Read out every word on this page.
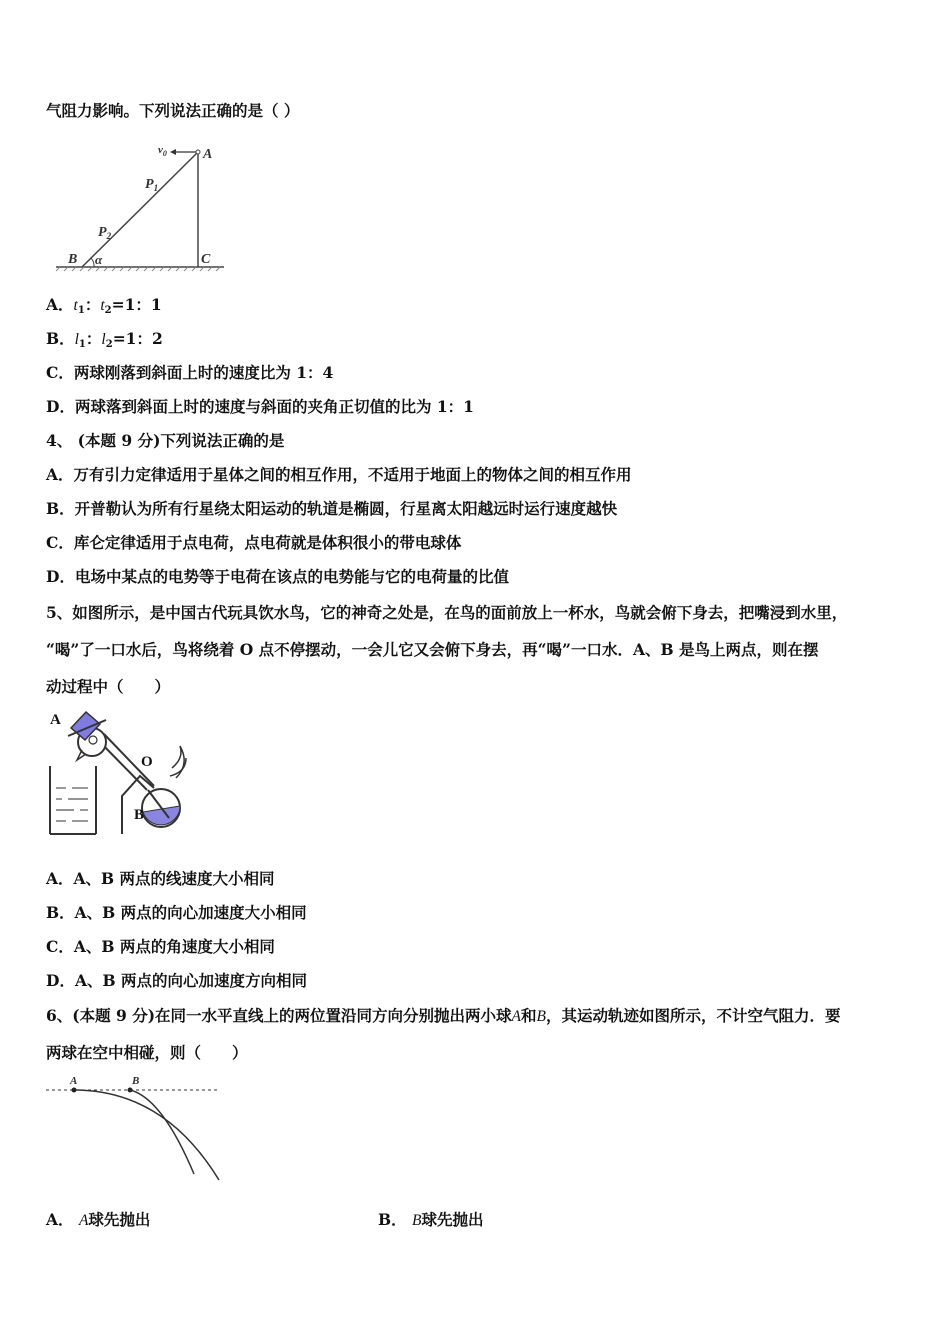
气阻力影响。下列说法正确的是（ ）
$v_0$	A
$P_1$
$P_2$
B α	C
A．$t_1$：$t_2=1$：1
B．$l_1$：$l_2=1$：2
C．两球刚落到斜面上时的速度比为 1：4
D．两球落到斜面上时的速度与斜面的夹角正切值的比为 1：1
4、 (本题 9 分)下列说法正确的是
A．万有引力定律适用于星体之间的相互作用，不适用于地面上的物体之间的相互作用
B．开普勒认为所有行星绕太阳运动的轨道是椭圆，行星离太阳越远时运行速度越快
C．库仑定律适用于点电荷，点电荷就是体积很小的带电球体
D．电场中某点的电势等于电荷在该点的电势能与它的电荷量的比值
5、如图所示，是中国古代玩具饮水鸟，它的神奇之处是，在鸟的面前放上一杯水，鸟就会俯下身去，把嘴浸到水里，
“喝”了一口水后，鸟将绕着 O 点不停摆动，一会儿它又会俯下身去，再“喝”一口水．A、B 是鸟上两点，则在摆
动过程中（　　）
A
O
B
A．A、B 两点的线速度大小相同
B．A、B 两点的向心加速度大小相同
C．A、B 两点的角速度大小相同
D．A、B 两点的向心加速度方向相同
6、(本题 9 分)在同一水平直线上的两位置沿同方向分别抛出两小球A和B，其运动轨迹如图所示，不计空气阻力．要
两球在空中相碰，则（　　）
A	B
A． A球先抛出	B． B球先抛出
